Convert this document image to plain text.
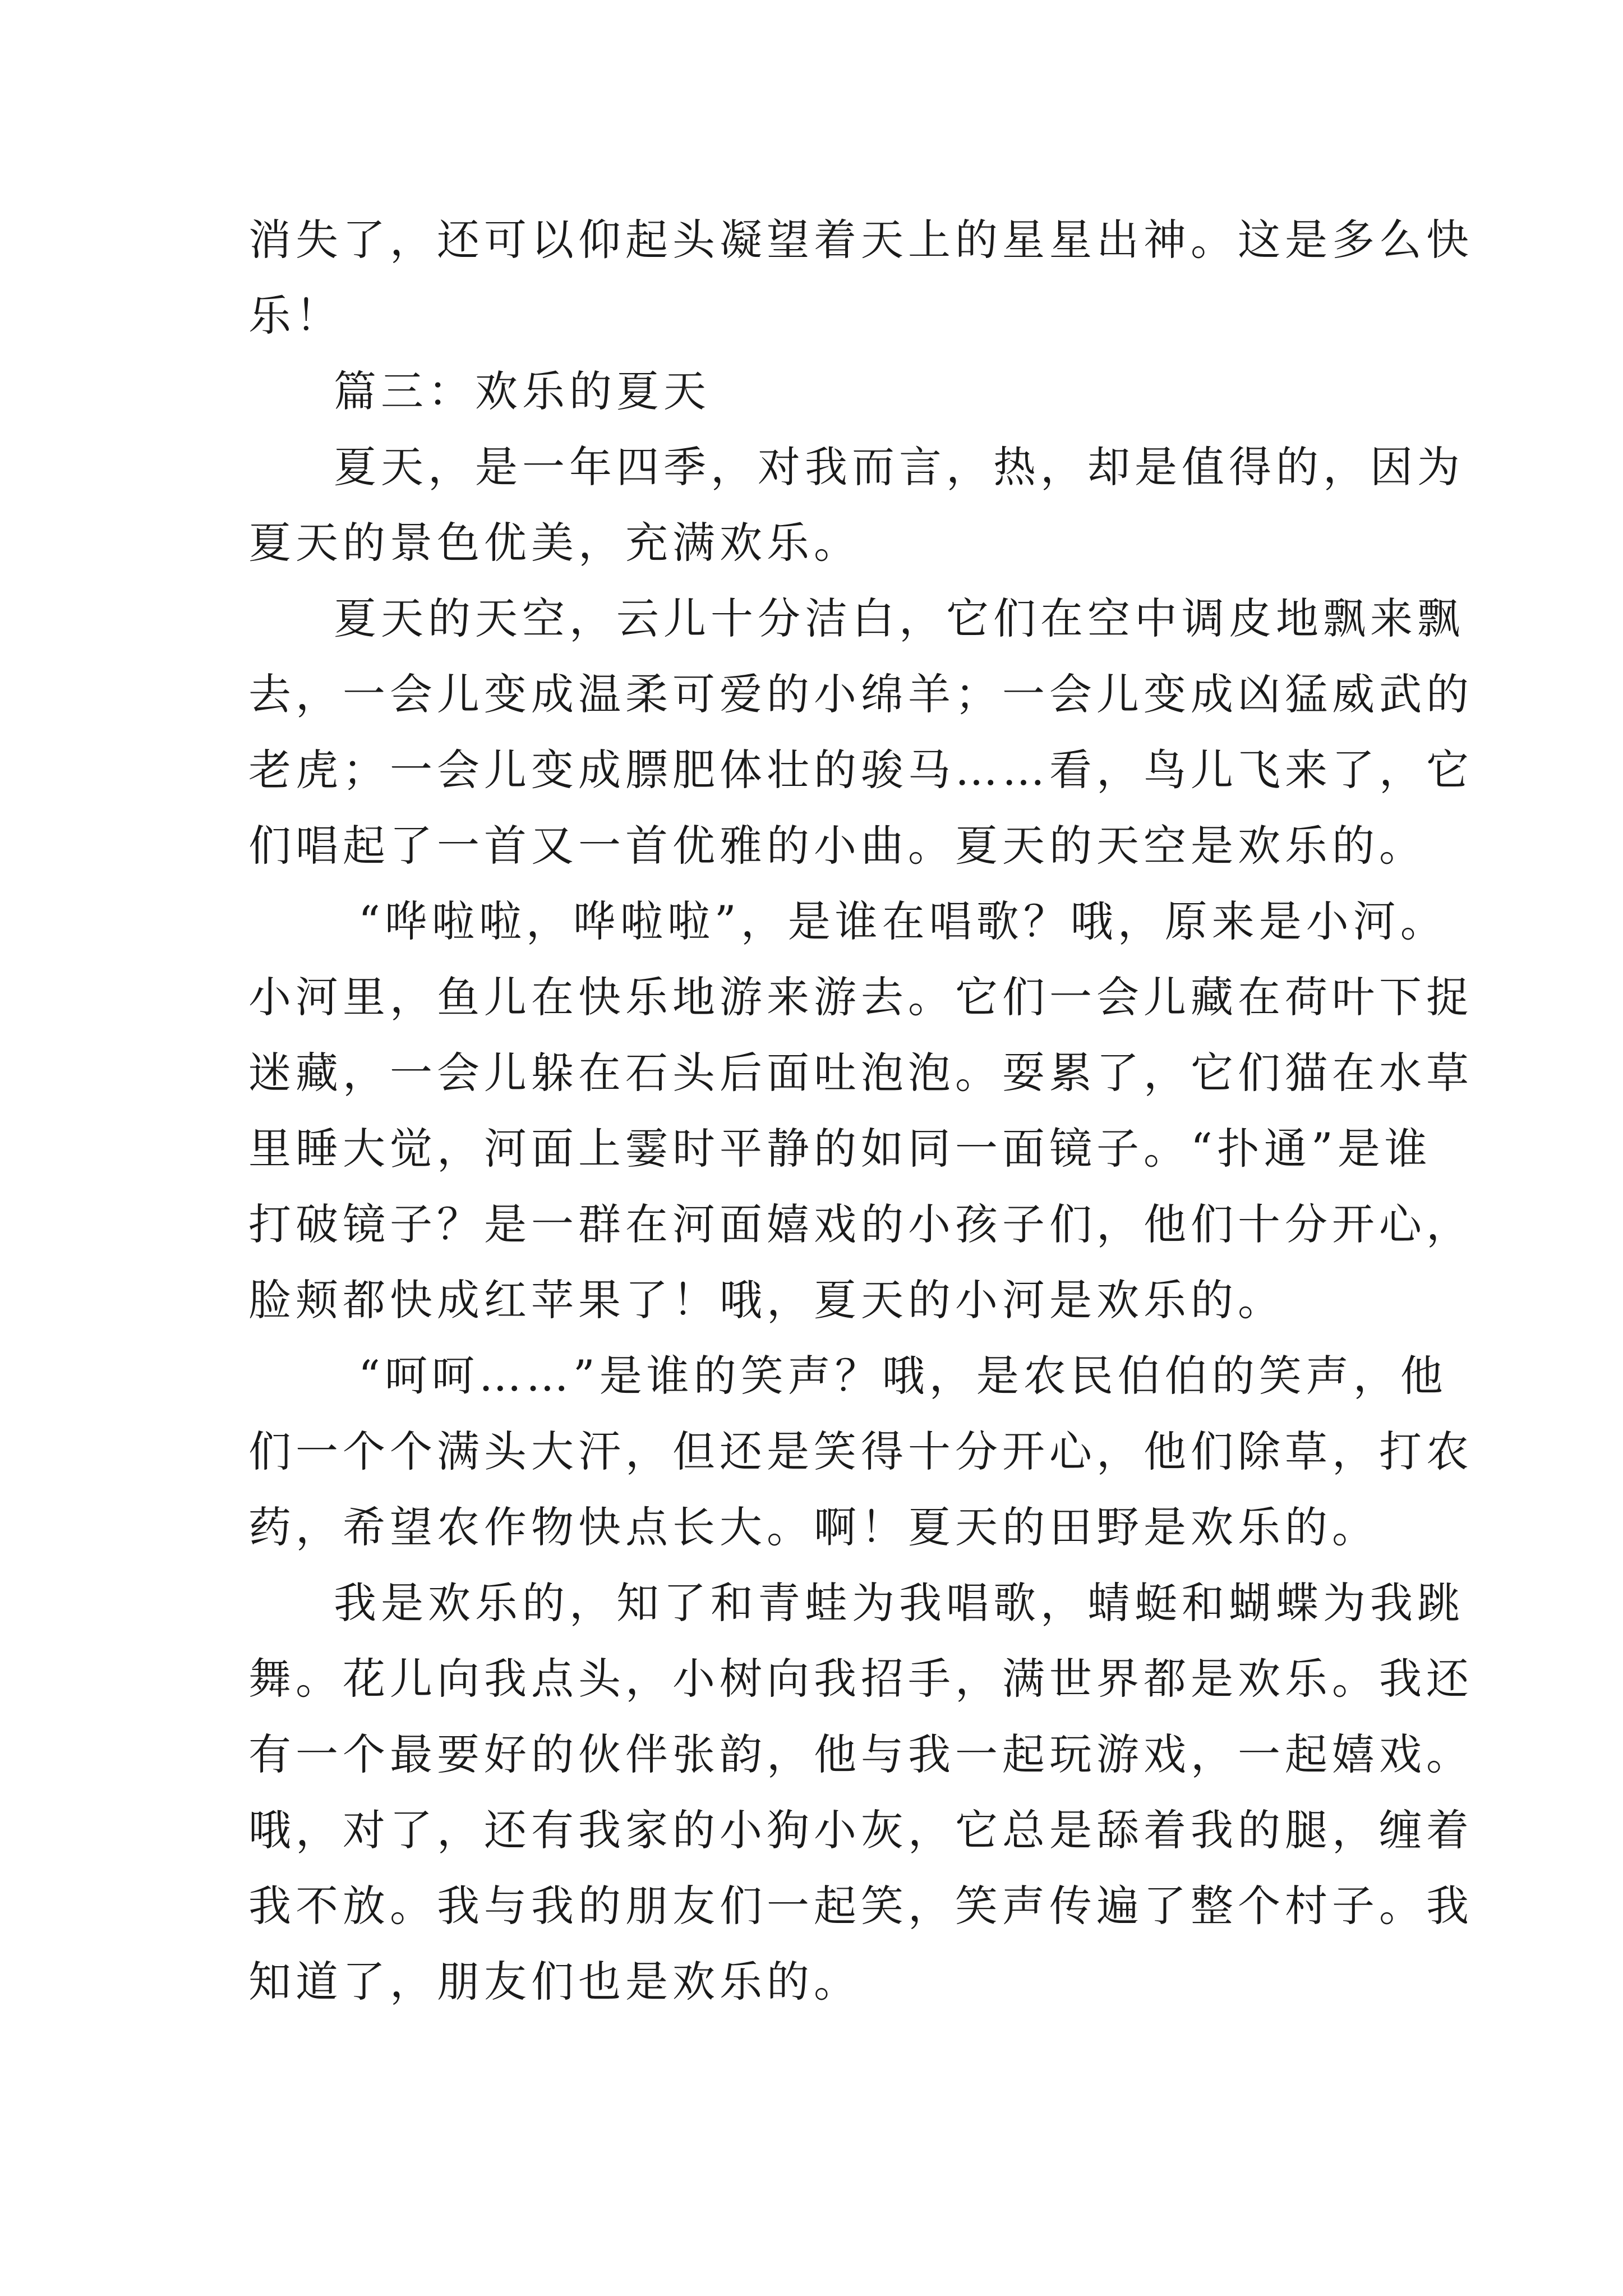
消失了，还可以仰起头凝望着天上的星星出神。这是多么快
乐！
篇三：欢乐的夏天
夏天，是一年四季，对我而言，热，却是值得的，因为
夏天的景色优美，充满欢乐。
夏天的天空，云儿十分洁白，它们在空中调皮地飘来飘
去，一会儿变成温柔可爱的小绵羊；一会儿变成凶猛威武的
老虎；一会儿变成膘肥体壮的骏马……看，鸟儿飞来了，它
们唱起了一首又一首优雅的小曲。夏天的天空是欢乐的。
“哗啦啦，哗啦啦”，是谁在唱歌？哦，原来是小河。
小河里，鱼儿在快乐地游来游去。它们一会儿藏在荷叶下捉
迷藏，一会儿躲在石头后面吐泡泡。耍累了，它们猫在水草
里睡大觉，河面上霎时平静的如同一面镜子。“扑通”是谁
打破镜子？是一群在河面嬉戏的小孩子们，他们十分开心，
脸颊都快成红苹果了！哦，夏天的小河是欢乐的。
“呵呵……”是谁的笑声？哦，是农民伯伯的笑声，他
们一个个满头大汗，但还是笑得十分开心，他们除草，打农
药，希望农作物快点长大。啊！夏天的田野是欢乐的。
我是欢乐的，知了和青蛙为我唱歌，蜻蜓和蝴蝶为我跳
舞。花儿向我点头，小树向我招手，满世界都是欢乐。我还
有一个最要好的伙伴张韵，他与我一起玩游戏，一起嬉戏。
哦，对了，还有我家的小狗小灰，它总是舔着我的腿，缠着
我不放。我与我的朋友们一起笑，笑声传遍了整个村子。我
知道了，朋友们也是欢乐的。
